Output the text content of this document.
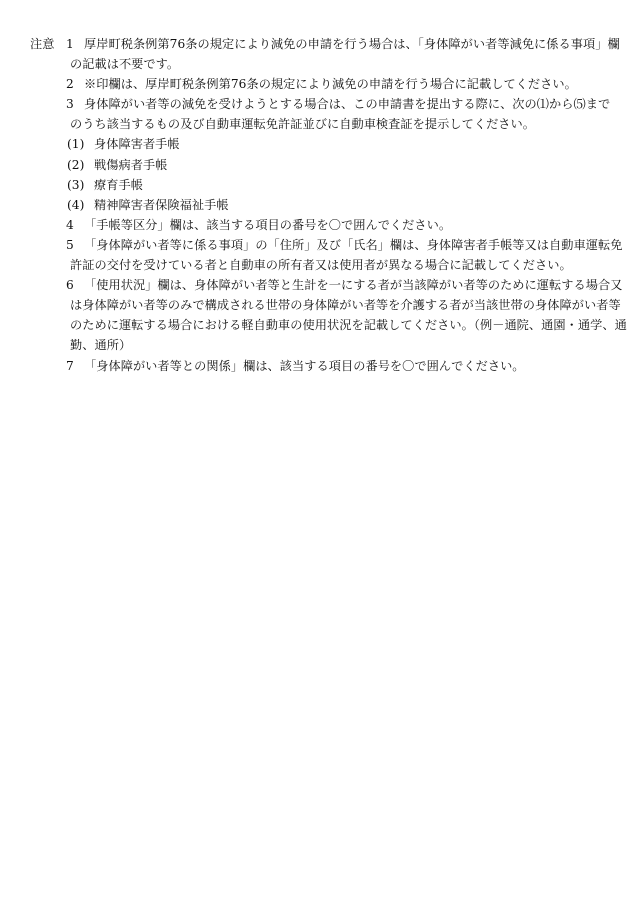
注意 1 厚岸町税条例第76条の規定により減免の申請を行う場合は、「身体障がい者等減免に係る事項」欄
の記載は不要です。
2 ※印欄は、厚岸町税条例第76条の規定により減免の申請を行う場合に記載してください。
3 身体障がい者等の減免を受けようとする場合は、この申請書を提出する際に、次の⑴から⑸まで
のうち該当するもの及び自動車運転免許証並びに自動車検査証を提示してください。
(1) 身体障害者手帳
(2) 戦傷病者手帳
(3) 療育手帳
(4) 精神障害者保険福祉手帳
4 「手帳等区分」欄は、該当する項目の番号を〇で囲んでください。
5 「身体障がい者等に係る事項」の「住所」及び「氏名」欄は、身体障害者手帳等又は自動車運転免
許証の交付を受けている者と自動車の所有者又は使用者が異なる場合に記載してください。
6 「使用状況」欄は、身体障がい者等と生計を一にする者が当該障がい者等のために運転する場合又
は身体障がい者等のみで構成される世帯の身体障がい者等を介護する者が当該世帯の身体障がい者等
のために運転する場合における軽自動車の使用状況を記載してください。（例－通院、通園・通学、通
勤、通所）
7 「身体障がい者等との関係」欄は、該当する項目の番号を〇で囲んでください。
